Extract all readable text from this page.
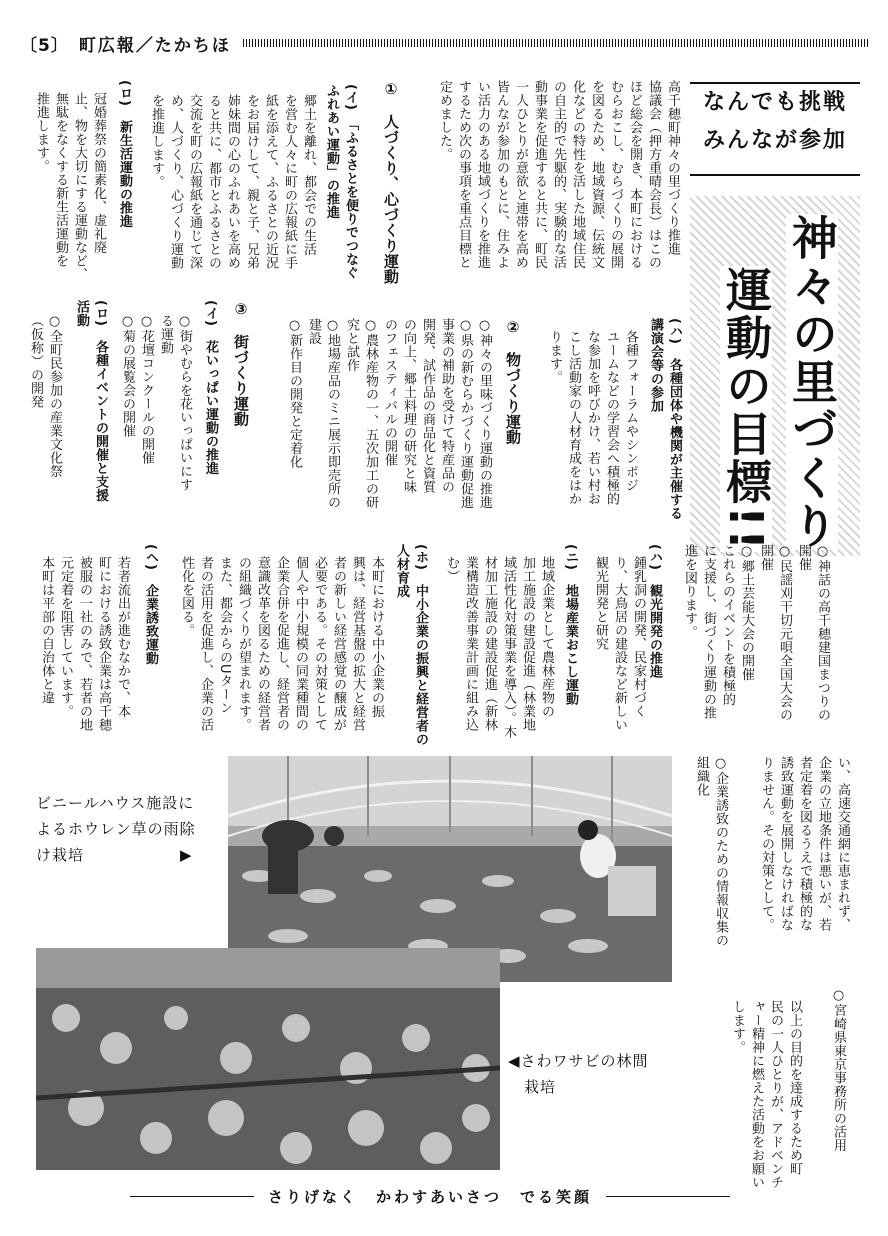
〔5〕 町広報／たかちほ
なんでも挑戦
みんなが参加
神々の里づくり
運動の目標!!
高千穂町神々の里づくり推進
協議会（押方重晴会長）はこの
ほど総会を開き、本町における
むらおこし、むらづくりの展開
を図るため、地域資源、伝統文
化などの特性を活した地域住民
の自主的で先駆的、実験的な活
動事業を促進すると共に、町民
一人ひとりが意欲と連帯を高め
皆んなが参加のもとに、住みよ
い活力のある地域づくりを推進
するため次の事項を重点目標と
定めました。
①　人づくり、心づくり運動
(イ)　「ふるさとを便りでつなぐ
ふれあい運動」の推進
郷土を離れ、都会での生活
を営む人々に町の広報紙に手
紙を添えて、ふるさとの近況
をお届けして、親と子、兄弟
姉妹間の心のふれあいを高め
ると共に、都市とふるさとの
交流を町の広報紙を通じて深
め、人づくり、心づくり運動
を推進します。
(ロ)　新生活運動の推進
冠婚葬祭の簡素化、虚礼廃
止、物を大切にする運動など、
無駄をなくする新生活運動を
推進します。
(ハ)　各種団体や機関が主催する
講演会等の参加
各種フォーラムやシンポジ
ユームなどの学習会へ積極的
な参加を呼びかけ、若い村お
こし活動家の人材育成をはか
ります。
②　物づくり運動
○神々の里味づくり運動の推進
○県の新むらかづくり運動促進
事業の補助を受けて特産品の
開発、試作品の商品化と資質
の向上、郷土料理の研究と味
のフェスティバルの開催
○農林産物の一、五次加工の研
究と試作
○地場産品のミニ展示即売所の
建設
○新作目の開発と定着化
③　街づくり運動
(イ)　花いっぱい運動の推進
○街やむらを花いっぱいにす
る運動
○花壇コンクールの開催
○菊の展覧会の開催
(ロ)　各種イベントの開催と支援
活動
○全町民参加の産業文化祭
（仮称）の開発
○神話の高千穂建国まつりの
開催
○民謡刈干切元唄全国大会の
開催
○郷土芸能大会の開催
これらのイベントを積極的
に支援し、街づくり運動の推
進を図ります。
(ハ)　観光開発の推進
鍾乳洞の開発、民家村づく
り、大鳥居の建設など新しい
観光開発と研究
(ニ)　地場産業おこし運動
地域企業として農林産物の
加工施設の建設促進（林業地
域活性化対策事業を導入）。木
材加工施設の建設促進（新林
業構造改善事業計画に組み込
む）
(ホ)　中小企業の振興と経営者の
人材育成
本町における中小企業の振
興は、経営基盤の拡大と経営
者の新しい経営感覚の醸成が
必要である。その対策として
個人や中小規模の同業種間の
企業合併を促進し、経営者の
意識改革を図るための経営者
の組織づくりが望まれます。
また、都会からのUターン
者の活用を促進し、企業の活
性化を図る。
(ヘ)　企業誘致運動
若者流出が進むなかで、本
町における誘致企業は高千穂
被服の一社のみで、若者の地
元定着を阻害しています。
本町は平部の自治体と違
い、高速交通網に恵まれず、
企業の立地条件は悪いが、若
者定着を図るうえで積極的な
誘致運動を展開しなければな
りません。その対策として。
○企業誘致のための情報収集の
組織化
○宮崎県東京事務所の活用
以上の目的を達成するため町
民の一人ひとりが、アドベンチ
ャー精神に燃えた活動をお願い
します。
ビニールハウス施設に
よるホウレン草の雨除
け栽培　　　　　　▶
◀さわワサビの林間
　栽培
さりげなく　かわすあいさつ　でる笑顔
